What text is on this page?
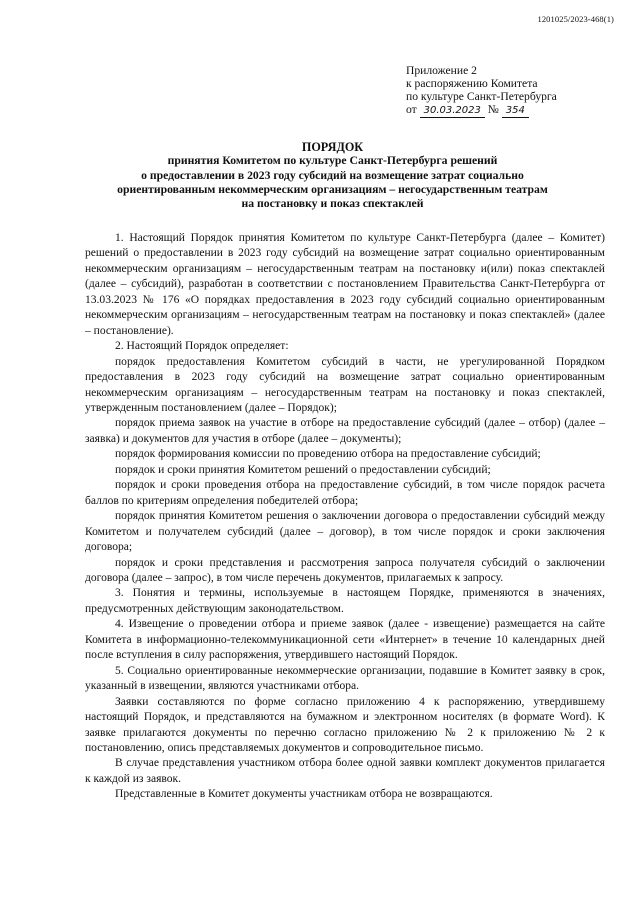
1201025/2023-468(1)
Приложение 2
к распоряжению Комитета
по культуре Санкт-Петербурга
от 30.03.2023 № 354
ПОРЯДОК
принятия Комитетом по культуре Санкт-Петербурга решений
о предоставлении в 2023 году субсидий на возмещение затрат социально
ориентированным некоммерческим организациям – негосударственным театрам
на постановку и показ спектаклей

1. Настоящий Порядок принятия Комитетом по культуре Санкт-Петербурга (далее – Комитет) решений о предоставлении в 2023 году субсидий на возмещение затрат социально ориентированным некоммерческим организациям – негосударственным театрам на постановку и(или) показ спектаклей (далее – субсидий), разработан в соответствии с постановлением Правительства Санкт-Петербурга от 13.03.2023 № 176 «О порядках предоставления в 2023 году субсидий социально ориентированным некоммерческим организациям – негосударственным театрам на постановку и показ спектаклей» (далее – постановление).

2. Настоящий Порядок определяет:

порядок предоставления Комитетом субсидий в части, не урегулированной Порядком предоставления в 2023 году субсидий на возмещение затрат социально ориентированным некоммерческим организациям – негосударственным театрам на постановку и показ спектаклей, утвержденным постановлением (далее – Порядок);

порядок приема заявок на участие в отборе на предоставление субсидий (далее – отбор) (далее – заявка) и документов для участия в отборе (далее – документы);

порядок формирования комиссии по проведению отбора на предоставление субсидий;

порядок и сроки принятия Комитетом решений о предоставлении субсидий;

порядок и сроки проведения отбора на предоставление субсидий, в том числе порядок расчета баллов по критериям определения победителей отбора;

порядок принятия Комитетом решения о заключении договора о предоставлении субсидий между Комитетом и получателем субсидий (далее – договор), в том числе порядок и сроки заключения договора;

порядок и сроки представления и рассмотрения запроса получателя субсидий о заключении договора (далее – запрос), в том числе перечень документов, прилагаемых к запросу.

3. Понятия и термины, используемые в настоящем Порядке, применяются в значениях, предусмотренных действующим законодательством.

4. Извещение о проведении отбора и приеме заявок (далее - извещение) размещается на сайте Комитета в информационно-телекоммуникационной сети «Интернет» в течение 10 календарных дней после вступления в силу распоряжения, утвердившего настоящий Порядок.

5. Социально ориентированные некоммерческие организации, подавшие в Комитет заявку в срок, указанный в извещении, являются участниками отбора.

Заявки составляются по форме согласно приложению 4 к распоряжению, утвердившему настоящий Порядок, и представляются на бумажном и электронном носителях (в формате Word). К заявке прилагаются документы по перечню согласно приложению № 2 к приложению № 2 к постановлению, опись представляемых документов и сопроводительное письмо.

В случае представления участником отбора более одной заявки комплект документов прилагается к каждой из заявок.

Представленные в Комитет документы участникам отбора не возвращаются.
